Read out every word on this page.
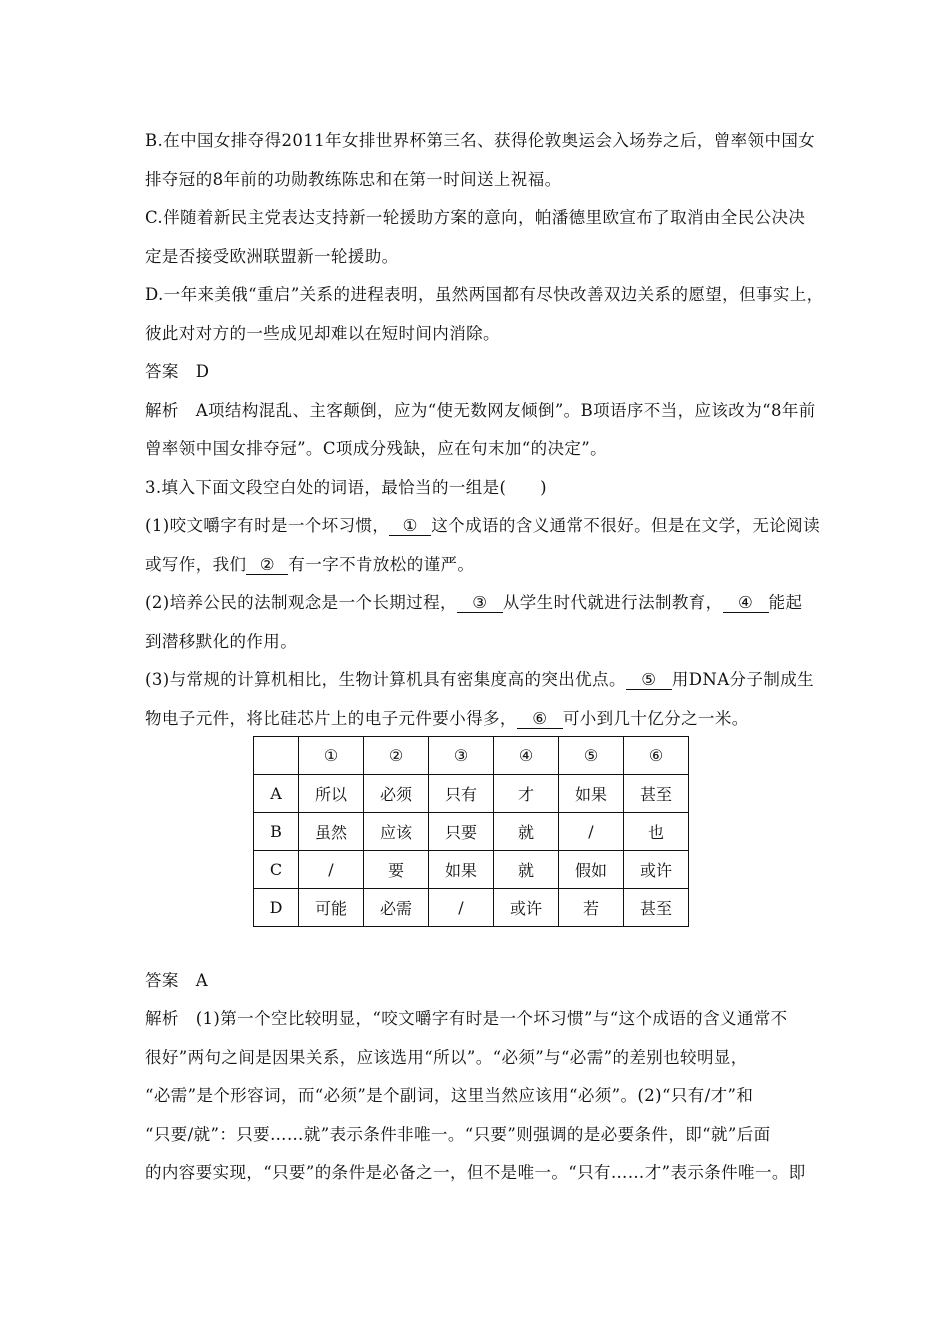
B.在中国女排夺得2011年女排世界杯第三名、获得伦敦奥运会入场券之后，曾率领中国女
排夺冠的8年前的功勋教练陈忠和在第一时间送上祝福。
C.伴随着新民主党表达支持新一轮援助方案的意向，帕潘德里欧宣布了取消由全民公决决
定是否接受欧洲联盟新一轮援助。
D.一年来美俄“重启”关系的进程表明，虽然两国都有尽快改善双边关系的愿望，但事实上，
彼此对对方的一些成见却难以在短时间内消除。
答案　D
解析　A项结构混乱、主客颠倒，应为“使无数网友倾倒”。B项语序不当，应该改为“8年前
曾率领中国女排夺冠”。C项成分残缺，应在句末加“的决定”。
3.填入下面文段空白处的词语，最恰当的一组是(　　)
(1)咬文嚼字有时是一个坏习惯， ① 这个成语的含义通常不很好。但是在文学，无论阅读
或写作，我们 ② 有一字不肯放松的谨严。
(2)培养公民的法制观念是一个长期过程， ③ 从学生时代就进行法制教育， ④ 能起
到潜移默化的作用。
(3)与常规的计算机相比，生物计算机具有密集度高的突出优点。 ⑤ 用DNA分子制成生
物电子元件，将比硅芯片上的电子元件要小得多， ⑥ 可小到几十亿分之一米。
	①	②	③	④	⑤	⑥
A	所以	必须	只有	才	如果	甚至
B	虽然	应该	只要	就	/	也
C	/	要	如果	就	假如	或许
D	可能	必需	/	或许	若	甚至
答案　A
解析　(1)第一个空比较明显，“咬文嚼字有时是一个坏习惯”与“这个成语的含义通常不
很好”两句之间是因果关系，应该选用“所以”。“必须”与“必需”的差别也较明显，
“必需”是个形容词，而“必须”是个副词，这里当然应该用“必须”。(2)“只有/才”和
“只要/就”：只要……就”表示条件非唯一。“只要”则强调的是必要条件，即“就”后面
的内容要实现，“只要”的条件是必备之一，但不是唯一。“只有……才”表示条件唯一。即
